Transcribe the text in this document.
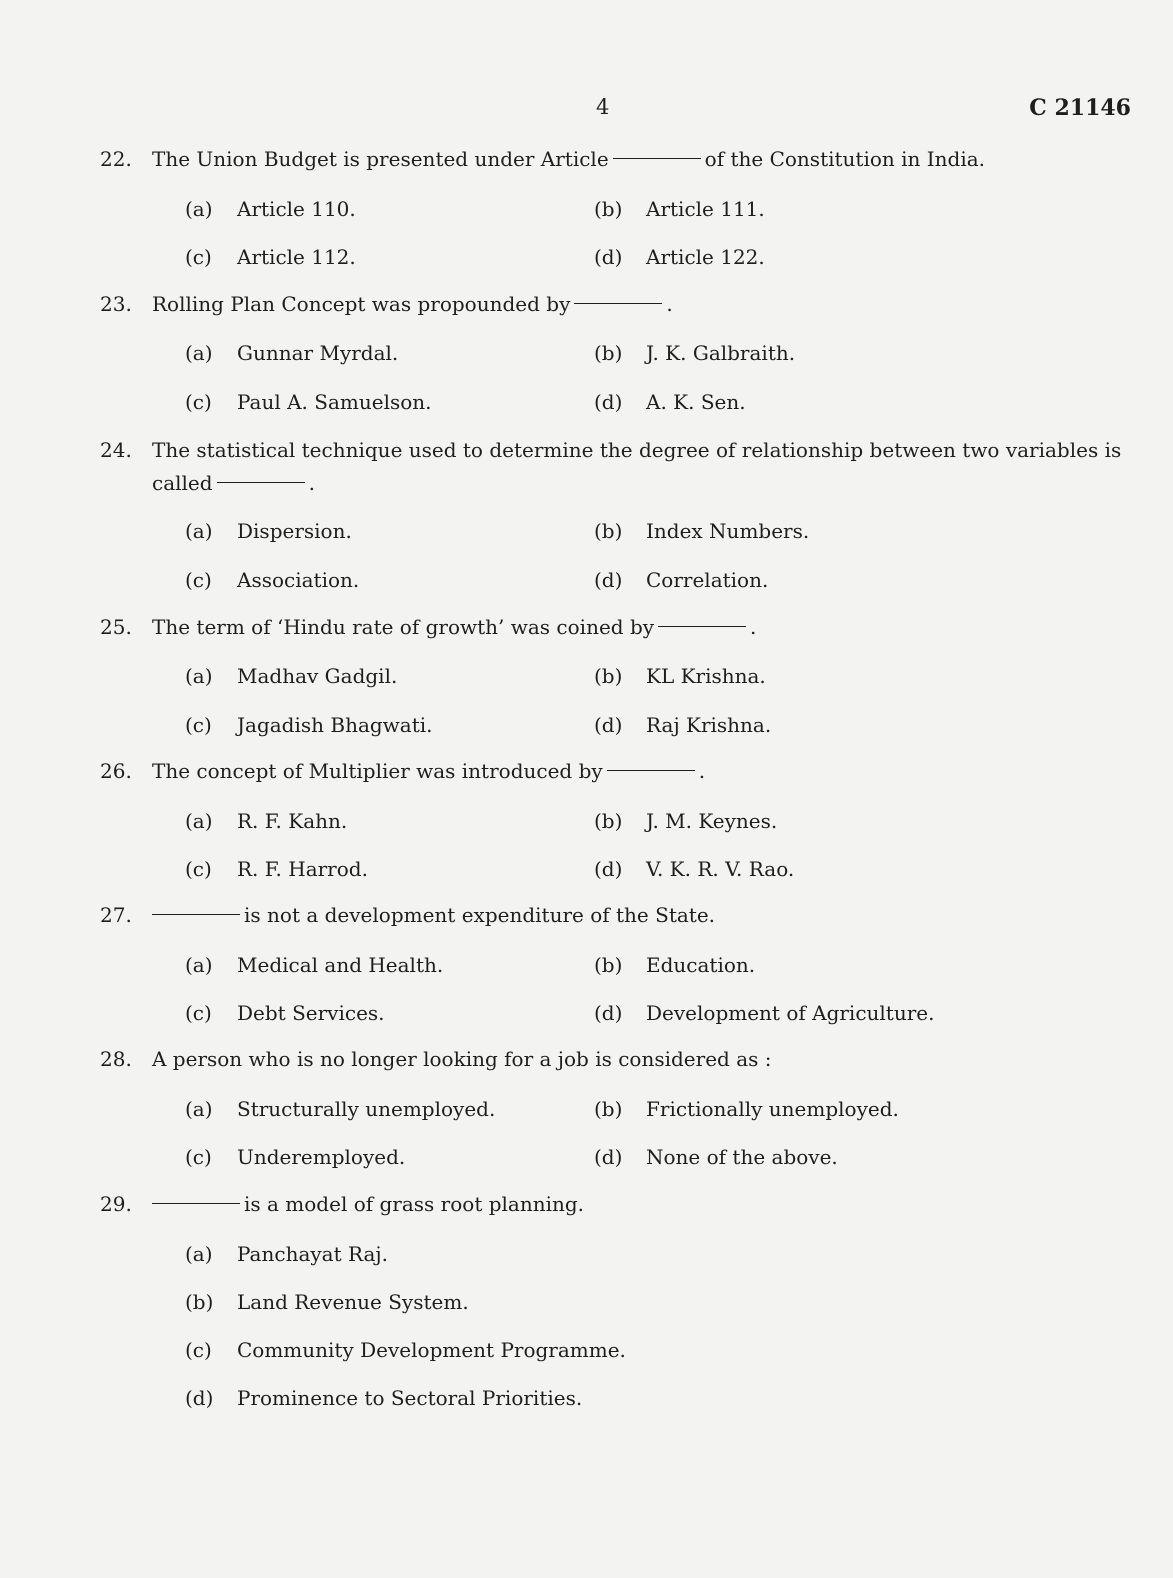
4	C 21146
22. The Union Budget is presented under Article	of the Constitution in India.
(a) Article 110.	(b) Article 111.
(c) Article 112.	(d) Article 122.
23. Rolling Plan Concept was propounded by	.
(a) Gunnar Myrdal.	(b) J. K. Galbraith.
(c) Paul A. Samuelson.	(d) A. K. Sen.
24. The statistical technique used to determine the degree of relationship between two variables is called	.
(a) Dispersion.	(b) Index Numbers.
(c) Association.	(d) Correlation.
25. The term of ‘Hindu rate of growth’ was coined by	.
(a) Madhav Gadgil.	(b) KL Krishna.
(c) Jagadish Bhagwati.	(d) Raj Krishna.
26. The concept of Multiplier was introduced by	.
(a) R. F. Kahn.	(b) J. M. Keynes.
(c) R. F. Harrod.	(d) V. K. R. V. Rao.
27.	is not a development expenditure of the State.
(a) Medical and Health.	(b) Education.
(c) Debt Services.	(d) Development of Agriculture.
28. A person who is no longer looking for a job is considered as :
(a) Structurally unemployed.	(b) Frictionally unemployed.
(c) Underemployed.	(d) None of the above.
29.	is a model of grass root planning.
(a) Panchayat Raj.
(b) Land Revenue System.
(c) Community Development Programme.
(d) Prominence to Sectoral Priorities.
